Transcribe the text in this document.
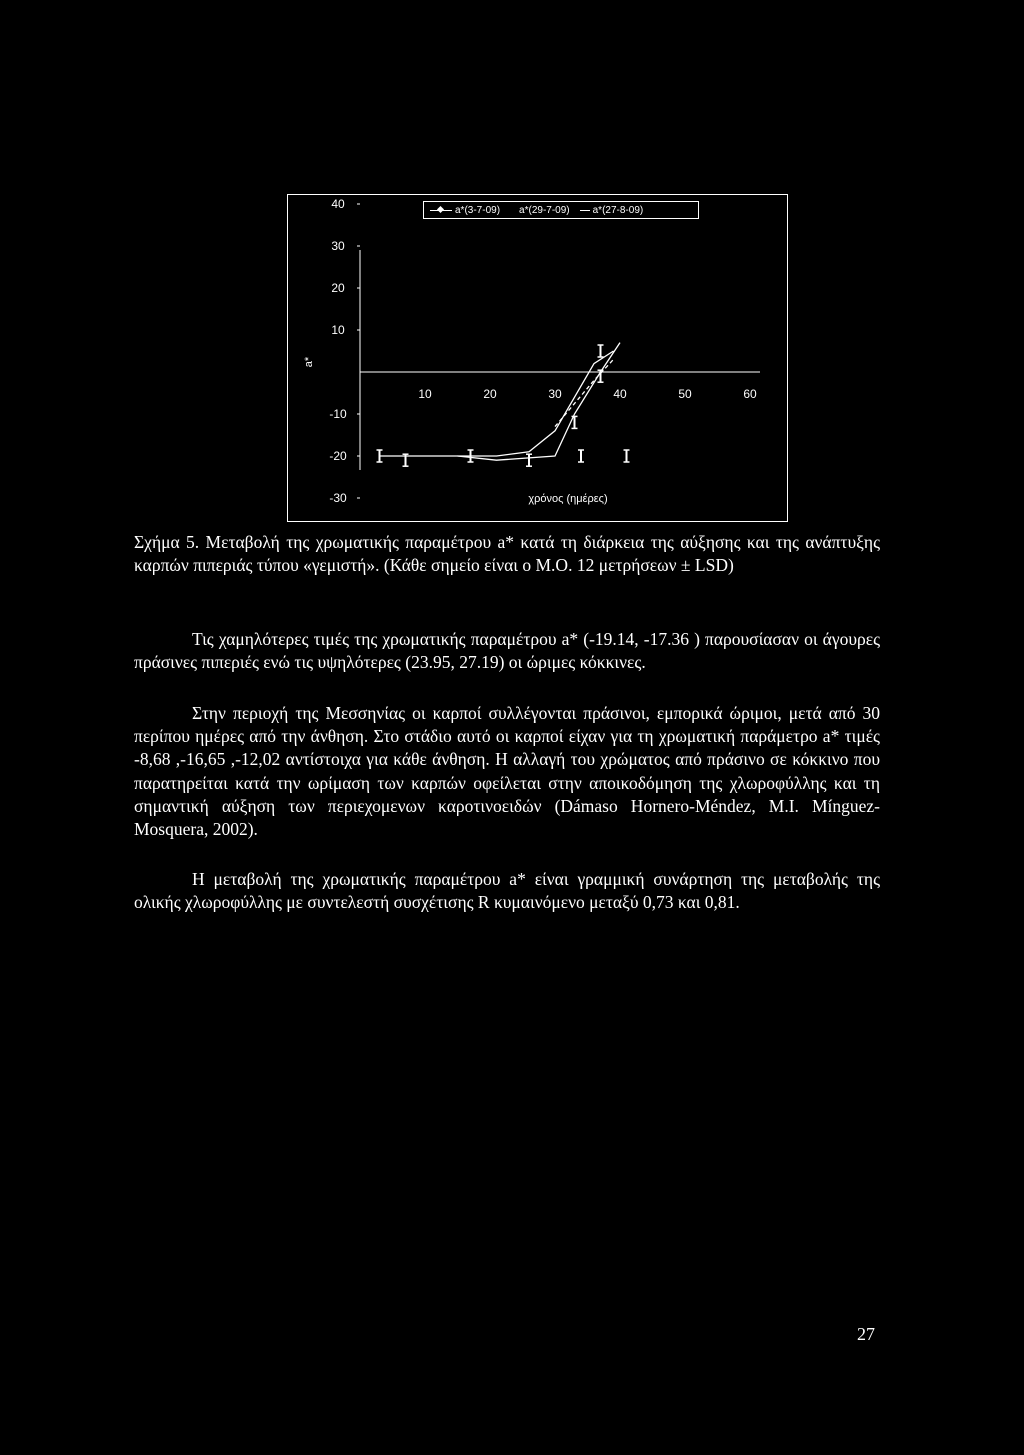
40
30
20
10
-10
-20
-30
10	20	30	40	50	60
χρόνος (ημέρες)
a*
a*(3-7-09) a*(29-7-09) a*(27-8-09)

Σχήμα 5. Μεταβολή της χρωματικής παραμέτρου a* κατά τη διάρκεια της αύξησης και της ανάπτυξης καρπών πιπεριάς τύπου «γεμιστή». (Κάθε σημείο είναι ο Μ.Ο. 12 μετρήσεων ± LSD)

Τις χαμηλότερες τιμές της χρωματικής παραμέτρου a* (-19.14, -17.36 ) παρουσίασαν οι άγουρες πράσινες πιπεριές ενώ τις υψηλότερες (23.95, 27.19) οι ώριμες κόκκινες.

Στην περιοχή της Μεσσηνίας οι καρποί συλλέγονται πράσινοι, εμπορικά ώριμοι, μετά από 30 περίπου ημέρες από την άνθηση. Στο στάδιο αυτό οι καρποί είχαν για τη χρωματική παράμετρο a* τιμές -8,68 ,-16,65 ,-12,02 αντίστοιχα για κάθε άνθηση. Η αλλαγή του χρώματος από πράσινο σε κόκκινο που παρατηρείται κατά την ωρίμαση των καρπών οφείλεται στην αποικοδόμηση της χλωροφύλλης και τη σημαντική αύξηση των περιεχομενων καροτινοειδών (Dámaso Hornero-Méndez, M.I. Mínguez-Mosquera, 2002).

Η μεταβολή της χρωματικής παραμέτρου a* είναι γραμμική συνάρτηση της μεταβολής της ολικής χλωροφύλλης με συντελεστή συσχέτισης R κυμαινόμενο μεταξύ 0,73 και 0,81.

27
